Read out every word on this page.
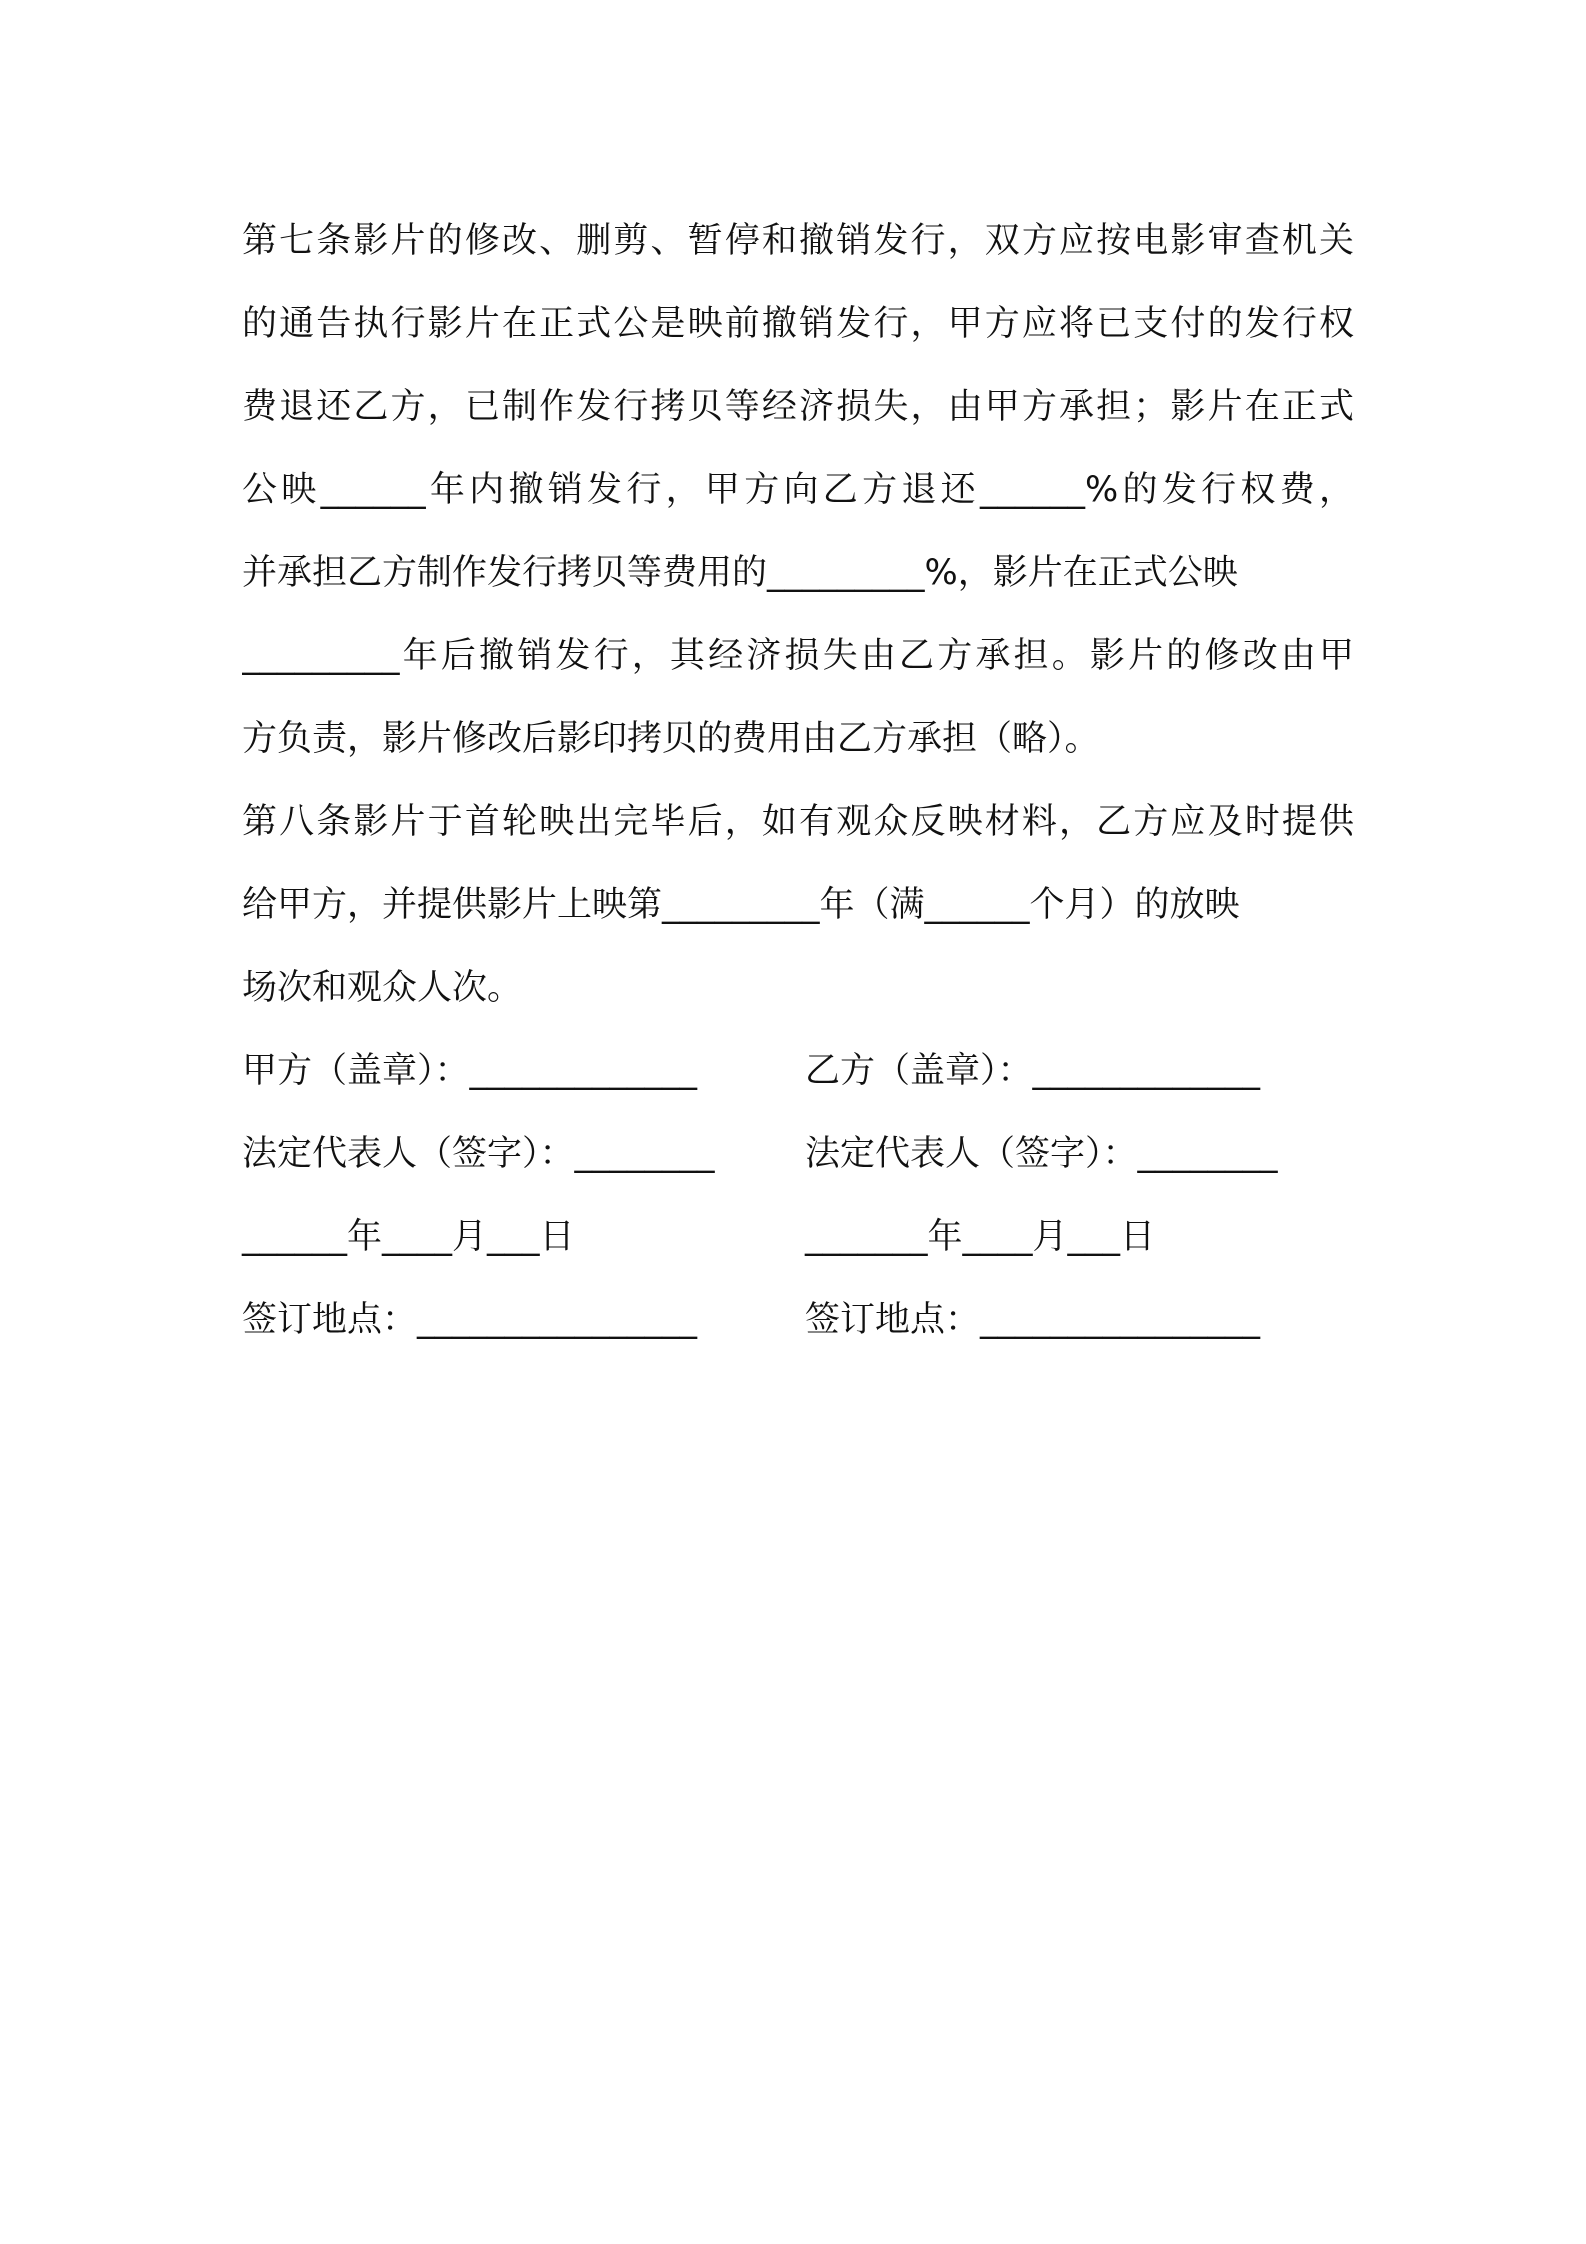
第七条影片的修改、删剪、暂停和撤销发行，双方应按电影审查机关
的通告执行影片在正式公是映前撤销发行，甲方应将已支付的发行权
费退还乙方，已制作发行拷贝等经济损失，由甲方承担；影片在正式
公映______年内撤销发行，甲方向乙方退还______%的发行权费，
并承担乙方制作发行拷贝等费用的_________%，影片在正式公映
_________年后撤销发行，其经济损失由乙方承担。影片的修改由甲
方负责，影片修改后影印拷贝的费用由乙方承担（略）。
第八条影片于首轮映出完毕后，如有观众反映材料，乙方应及时提供
给甲方，并提供影片上映第_________年（满______个月）的放映
场次和观众人次。
甲方（盖章）：_____________	乙方（盖章）：_____________
法定代表人（签字）：________	法定代表人（签字）：________
______年____月___日	_______年____月___日
签订地点：________________	签订地点：________________
